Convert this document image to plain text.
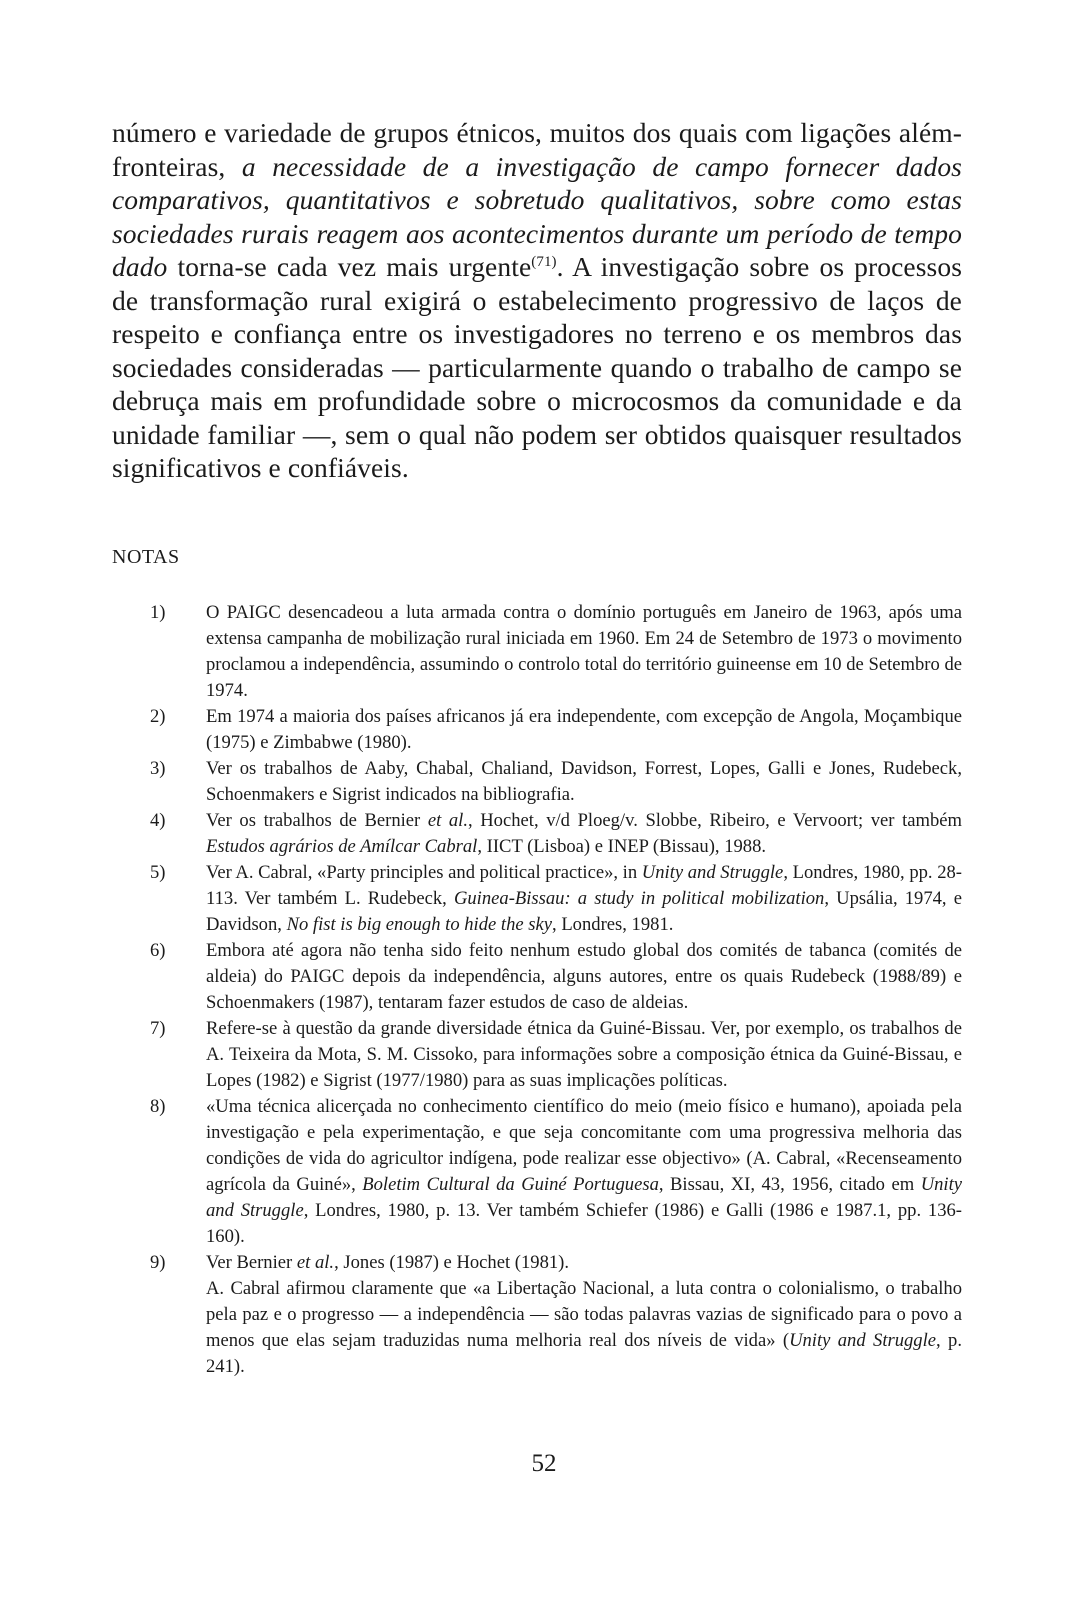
número e variedade de grupos étnicos, muitos dos quais com ligações além-fronteiras, a necessidade de a investigação de campo fornecer dados comparativos, quantitativos e sobretudo qualitativos, sobre como estas sociedades rurais reagem aos acontecimentos durante um período de tempo dado torna-se cada vez mais urgente$^{(71)}$. A investigação sobre os processos de transformação rural exigirá o estabelecimento progressivo de laços de respeito e confiança entre os investigadores no terreno e os membros das sociedades consideradas — particularmente quando o trabalho de campo se debruça mais em profundidade sobre o microcosmos da comunidade e da unidade familiar —, sem o qual não podem ser obtidos quaisquer resultados significativos e confiáveis.

NOTAS
1)	O PAIGC desencadeou a luta armada contra o domínio português em Janeiro de 1963, após uma extensa campanha de mobilização rural iniciada em 1960. Em 24 de Setembro de 1973 o movimento proclamou a independência, assumindo o controlo total do território guineense em 10 de Setembro de 1974.
2)	Em 1974 a maioria dos países africanos já era independente, com excepção de Angola, Moçambique (1975) e Zimbabwe (1980).
3)	Ver os trabalhos de Aaby, Chabal, Chaliand, Davidson, Forrest, Lopes, Galli e Jones, Rudebeck, Schoenmakers e Sigrist indicados na bibliografia.
4)	Ver os trabalhos de Bernier et al., Hochet, v/d Ploeg/v. Slobbe, Ribeiro, e Vervoort; ver também Estudos agrários de Amílcar Cabral, IICT (Lisboa) e INEP (Bissau), 1988.
5)	Ver A. Cabral, «Party principles and political practice», in Unity and Struggle, Londres, 1980, pp. 28-113. Ver também L. Rudebeck, Guinea-Bissau: a study in political mobilization, Upsália, 1974, e Davidson, No fist is big enough to hide the sky, Londres, 1981.
6)	Embora até agora não tenha sido feito nenhum estudo global dos comités de tabanca (comités de aldeia) do PAIGC depois da independência, alguns autores, entre os quais Rudebeck (1988/89) e Schoenmakers (1987), tentaram fazer estudos de caso de aldeias.
7)	Refere-se à questão da grande diversidade étnica da Guiné-Bissau. Ver, por exemplo, os trabalhos de A. Teixeira da Mota, S. M. Cissoko, para informações sobre a composição étnica da Guiné-Bissau, e Lopes (1982) e Sigrist (1977/1980) para as suas implicações políticas.
8)	«Uma técnica alicerçada no conhecimento científico do meio (meio físico e humano), apoiada pela investigação e pela experimentação, e que seja concomitante com uma progressiva melhoria das condições de vida do agricultor indígena, pode realizar esse objectivo» (A. Cabral, «Recenseamento agrícola da Guiné», Boletim Cultural da Guiné Portuguesa, Bissau, XI, 43, 1956, citado em Unity and Struggle, Londres, 1980, p. 13. Ver também Schiefer (1986) e Galli (1986 e 1987.1, pp. 136-160).
9)	Ver Bernier et al., Jones (1987) e Hochet (1981).
A. Cabral afirmou claramente que «a Libertação Nacional, a luta contra o colonialismo, o trabalho pela paz e o progresso — a independência — são todas palavras vazias de significado para o povo a menos que elas sejam traduzidas numa melhoria real dos níveis de vida» (Unity and Struggle, p. 241).
52
